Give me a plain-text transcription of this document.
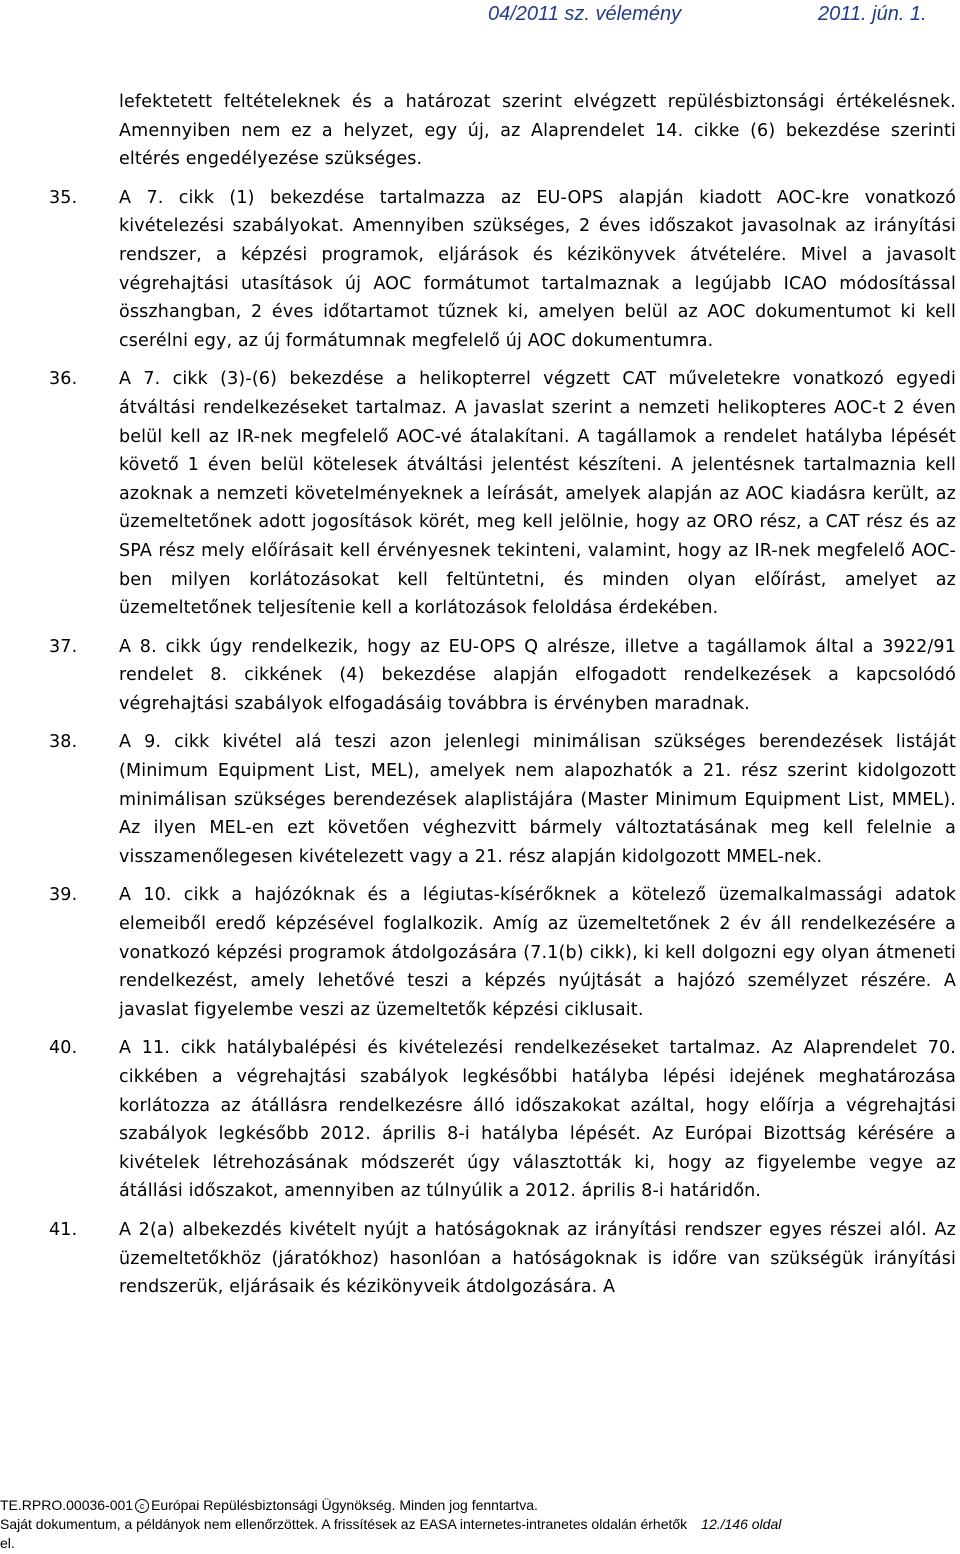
04/2011 sz. vélemény	2011. jún. 1.
lefektetett feltételeknek és a határozat szerint elvégzett repülésbiztonsági értékelésnek. Amennyiben nem ez a helyzet, egy új, az Alaprendelet 14. cikke (6) bekezdése szerinti eltérés engedélyezése szükséges.
35. A 7. cikk (1) bekezdése tartalmazza az EU-OPS alapján kiadott AOC-kre vonatkozó kivételezési szabályokat. Amennyiben szükséges, 2 éves időszakot javasolnak az irányítási rendszer, a képzési programok, eljárások és kézikönyvek átvételére. Mivel a javasolt végrehajtási utasítások új AOC formátumot tartalmaznak a legújabb ICAO módosítással összhangban, 2 éves időtartamot tűznek ki, amelyen belül az AOC dokumentumot ki kell cserélni egy, az új formátumnak megfelelő új AOC dokumentumra.
36. A 7. cikk (3)-(6) bekezdése a helikopterrel végzett CAT műveletekre vonatkozó egyedi átváltási rendelkezéseket tartalmaz. A javaslat szerint a nemzeti helikopteres AOC-t 2 éven belül kell az IR-nek megfelelő AOC-vé átalakítani. A tagállamok a rendelet hatályba lépését követő 1 éven belül kötelesek átváltási jelentést készíteni. A jelentésnek tartalmaznia kell azoknak a nemzeti követelményeknek a leírását, amelyek alapján az AOC kiadásra került, az üzemeltetőnek adott jogosítások körét, meg kell jelölnie, hogy az ORO rész, a CAT rész és az SPA rész mely előírásait kell érvényesnek tekinteni, valamint, hogy az IR-nek megfelelő AOC-ben milyen korlátozásokat kell feltüntetni, és minden olyan előírást, amelyet az üzemeltetőnek teljesítenie kell a korlátozások feloldása érdekében.
37. A 8. cikk úgy rendelkezik, hogy az EU-OPS Q alrésze, illetve a tagállamok által a 3922/91 rendelet 8. cikkének (4) bekezdése alapján elfogadott rendelkezések a kapcsolódó végrehajtási szabályok elfogadásáig továbbra is érvényben maradnak.
38. A 9. cikk kivétel alá teszi azon jelenlegi minimálisan szükséges berendezések listáját (Minimum Equipment List, MEL), amelyek nem alapozhatók a 21. rész szerint kidolgozott minimálisan szükséges berendezések alaplistájára (Master Minimum Equipment List, MMEL). Az ilyen MEL-en ezt követően véghezvitt bármely változtatásának meg kell felelnie a visszamenőlegesen kivételezett vagy a 21. rész alapján kidolgozott MMEL-nek.
39. A 10. cikk a hajózóknak és a légiutas-kísérőknek a kötelező üzemalkalmassági adatok elemeiből eredő képzésével foglalkozik. Amíg az üzemeltetőnek 2 év áll rendelkezésére a vonatkozó képzési programok átdolgozására (7.1(b) cikk), ki kell dolgozni egy olyan átmeneti rendelkezést, amely lehetővé teszi a képzés nyújtását a hajózó személyzet részére. A javaslat figyelembe veszi az üzemeltetők képzési ciklusait.
40. A 11. cikk hatálybalépési és kivételezési rendelkezéseket tartalmaz. Az Alaprendelet 70. cikkében a végrehajtási szabályok legkésőbbi hatályba lépési idejének meghatározása korlátozza az átállásra rendelkezésre álló időszakokat azáltal, hogy előírja a végrehajtási szabályok legkésőbb 2012. április 8-i hatályba lépését. Az Európai Bizottság kérésére a kivételek létrehozásának módszerét úgy választották ki, hogy az figyelembe vegye az átállási időszakot, amennyiben az túlnyúlik a 2012. április 8-i határidőn.
41. A 2(a) albekezdés kivételt nyújt a hatóságoknak az irányítási rendszer egyes részei alól. Az üzemeltetőkhöz (járatókhoz) hasonlóan a hatóságoknak is időre van szükségük irányítási rendszerük, eljárásaik és kézikönyveik átdolgozására. A
TE.RPRO.00036-001 c Európai Repülésbiztonsági Ügynökség. Minden jog fenntartva.
Saját dokumentum, a példányok nem ellenőrzöttek. A frissítések az EASA internetes-intranetes oldalán érhetők 12./146 oldal
el.
